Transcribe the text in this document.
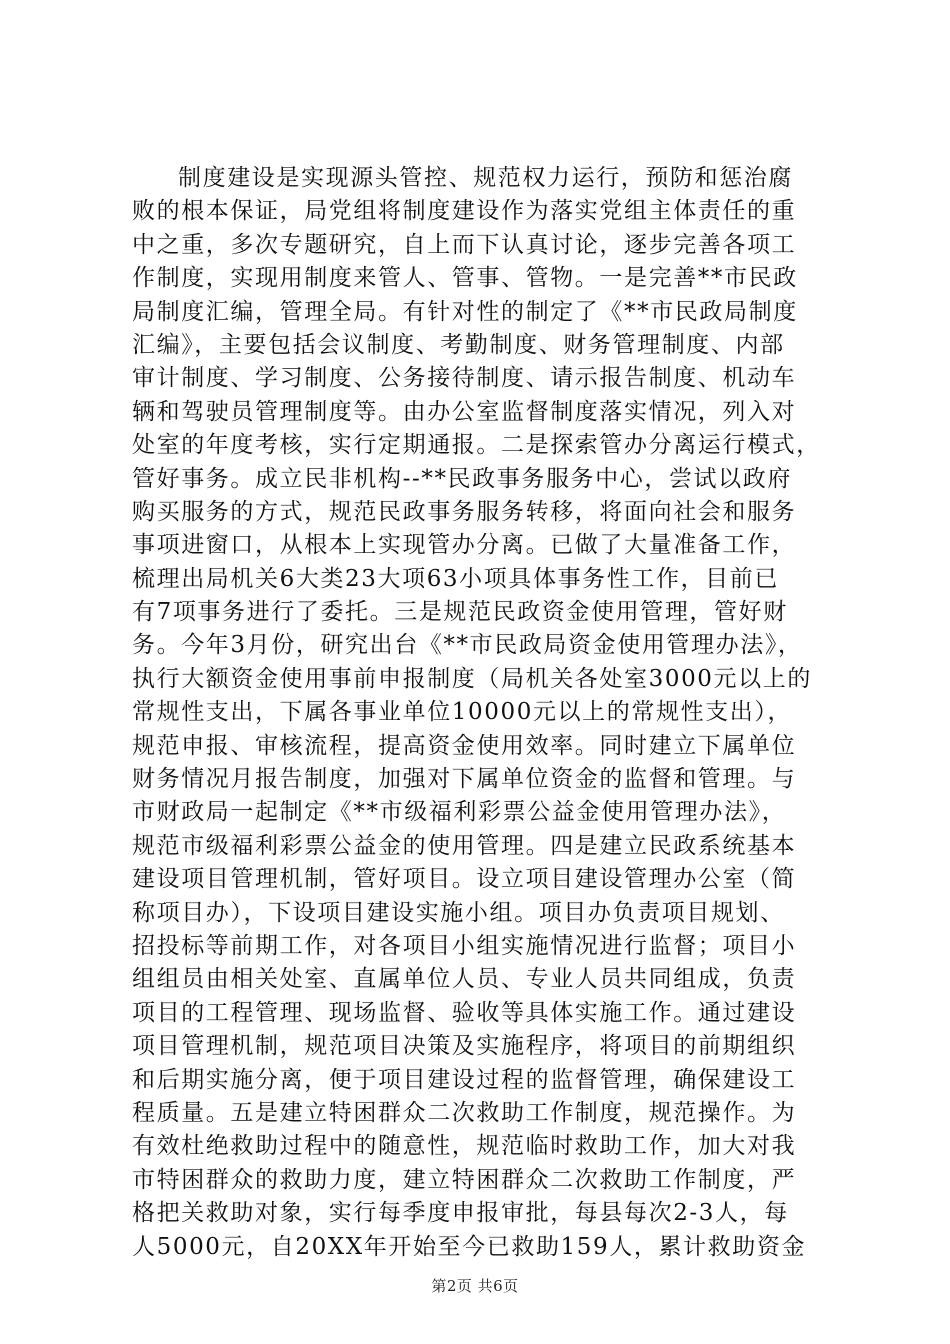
制度建设是实现源头管控、规范权力运行，预防和惩治腐
败的根本保证，局党组将制度建设作为落实党组主体责任的重
中之重，多次专题研究，自上而下认真讨论，逐步完善各项工
作制度，实现用制度来管人、管事、管物。一是完善**市民政
局制度汇编，管理全局。有针对性的制定了《**市民政局制度
汇编》，主要包括会议制度、考勤制度、财务管理制度、内部
审计制度、学习制度、公务接待制度、请示报告制度、机动车
辆和驾驶员管理制度等。由办公室监督制度落实情况，列入对
处室的年度考核，实行定期通报。二是探索管办分离运行模式，
管好事务。成立民非机构--**民政事务服务中心，尝试以政府
购买服务的方式，规范民政事务服务转移，将面向社会和服务
事项进窗口，从根本上实现管办分离。已做了大量准备工作，
梳理出局机关6大类23大项63小项具体事务性工作，目前已
有7项事务进行了委托。三是规范民政资金使用管理，管好财
务。今年3月份，研究出台《**市民政局资金使用管理办法》，
执行大额资金使用事前申报制度（局机关各处室3000元以上的
常规性支出，下属各事业单位10000元以上的常规性支出），
规范申报、审核流程，提高资金使用效率。同时建立下属单位
财务情况月报告制度，加强对下属单位资金的监督和管理。与
市财政局一起制定《**市级福利彩票公益金使用管理办法》，
规范市级福利彩票公益金的使用管理。四是建立民政系统基本
建设项目管理机制，管好项目。设立项目建设管理办公室（简
称项目办），下设项目建设实施小组。项目办负责项目规划、
招投标等前期工作，对各项目小组实施情况进行监督；项目小
组组员由相关处室、直属单位人员、专业人员共同组成，负责
项目的工程管理、现场监督、验收等具体实施工作。通过建设
项目管理机制，规范项目决策及实施程序，将项目的前期组织
和后期实施分离，便于项目建设过程的监督管理，确保建设工
程质量。五是建立特困群众二次救助工作制度，规范操作。为
有效杜绝救助过程中的随意性，规范临时救助工作，加大对我
市特困群众的救助力度，建立特困群众二次救助工作制度，严
格把关救助对象，实行每季度申报审批，每县每次2-3人，每
人5000元，自20XX年开始至今已救助159人，累计救助资金
第2页 共6页
